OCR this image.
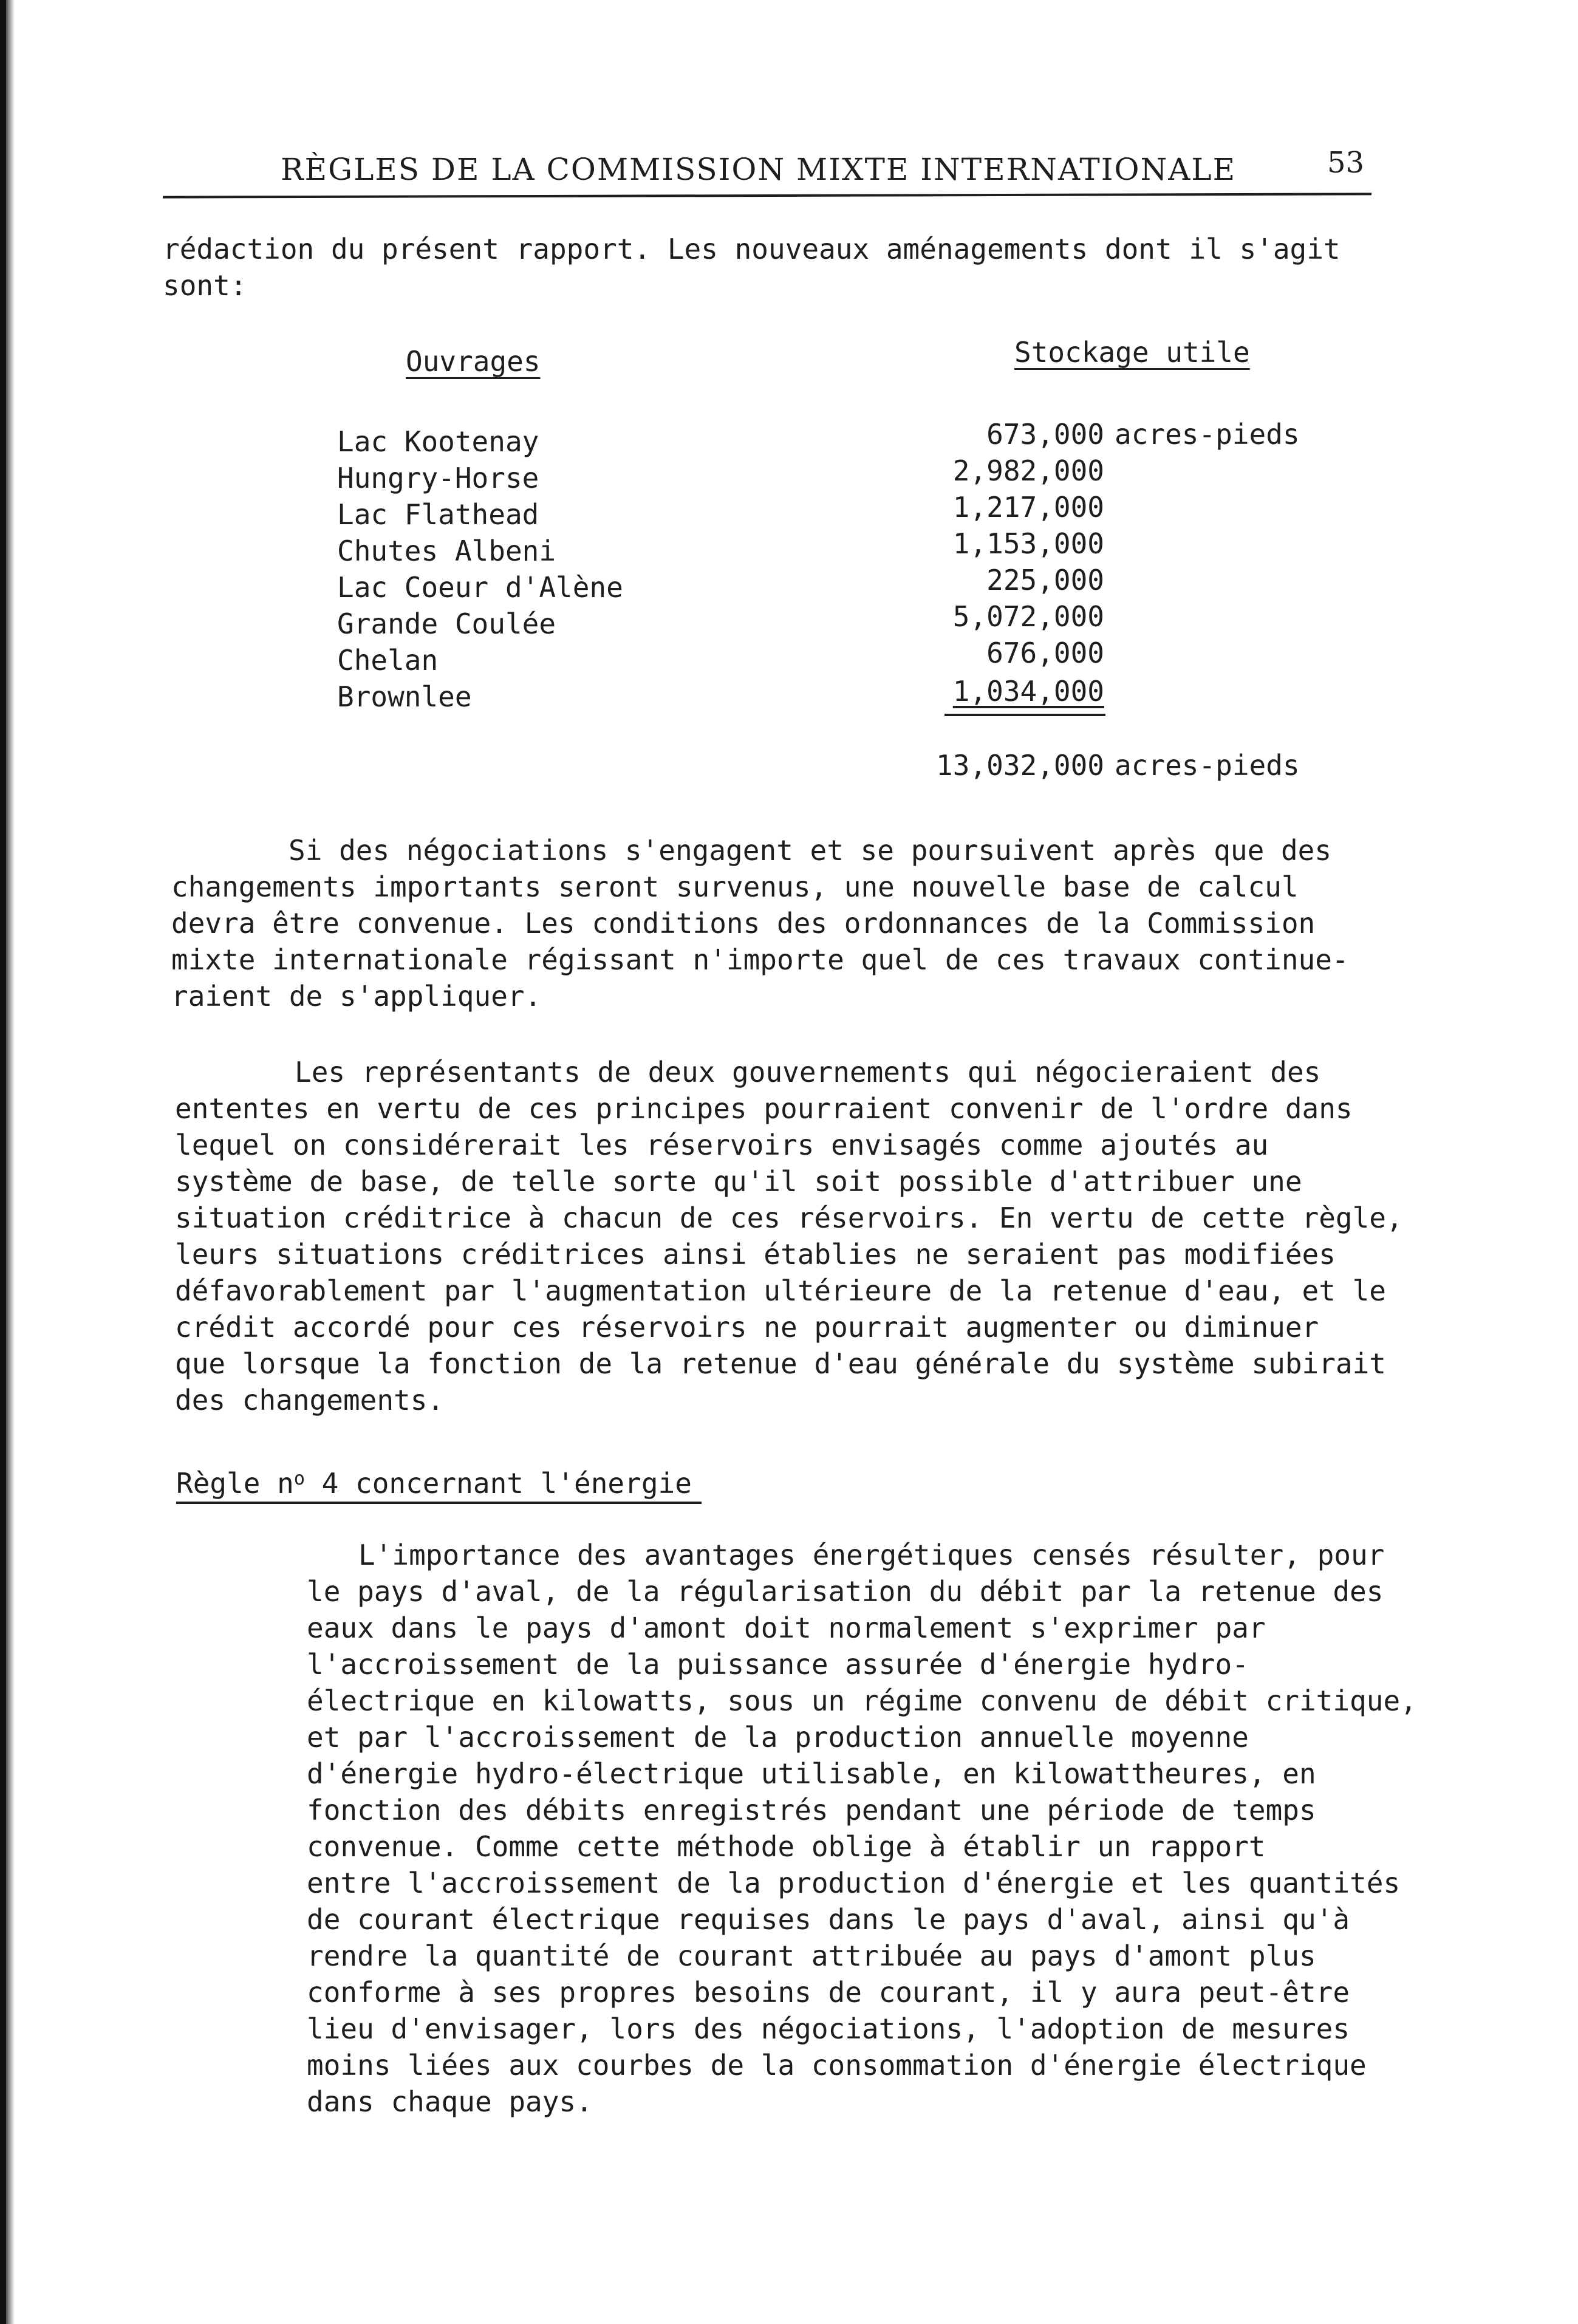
RÈGLES DE LA COMMISSION MIXTE INTERNATIONALE	53
rédaction du présent rapport. Les nouveaux aménagements dont il s'agit
sont:
Ouvrages	Stockage utile
Lac Kootenay
Hungry-Horse
Lac Flathead
Chutes Albeni
Lac Coeur d'Alène
Grande Coulée
Chelan
Brownlee
673,000 acres-pieds
2,982,000
1,217,000
1,153,000
225,000
5,072,000
676,000
1,034,000
13,032,000 acres-pieds
Si des négociations s'engagent et se poursuivent après que des
changements importants seront survenus, une nouvelle base de calcul
devra être convenue. Les conditions des ordonnances de la Commission
mixte internationale régissant n'importe quel de ces travaux continue-
raient de s'appliquer.
Les représentants de deux gouvernements qui négocieraient des
ententes en vertu de ces principes pourraient convenir de l'ordre dans
lequel on considérerait les réservoirs envisagés comme ajoutés au
système de base, de telle sorte qu'il soit possible d'attribuer une
situation créditrice à chacun de ces réservoirs. En vertu de cette règle,
leurs situations créditrices ainsi établies ne seraient pas modifiées
défavorablement par l'augmentation ultérieure de la retenue d'eau, et le
crédit accordé pour ces réservoirs ne pourrait augmenter ou diminuer
que lorsque la fonction de la retenue d'eau générale du système subirait
des changements.
Règle $n^o$ 4 concernant l'énergie
L'importance des avantages énergétiques censés résulter, pour
le pays d'aval, de la régularisation du débit par la retenue des
eaux dans le pays d'amont doit normalement s'exprimer par
l'accroissement de la puissance assurée d'énergie hydro-
électrique en kilowatts, sous un régime convenu de débit critique,
et par l'accroissement de la production annuelle moyenne
d'énergie hydro-électrique utilisable, en kilowattheures, en
fonction des débits enregistrés pendant une période de temps
convenue. Comme cette méthode oblige à établir un rapport
entre l'accroissement de la production d'énergie et les quantités
de courant électrique requises dans le pays d'aval, ainsi qu'à
rendre la quantité de courant attribuée au pays d'amont plus
conforme à ses propres besoins de courant, il y aura peut-être
lieu d'envisager, lors des négociations, l'adoption de mesures
moins liées aux courbes de la consommation d'énergie électrique
dans chaque pays.
